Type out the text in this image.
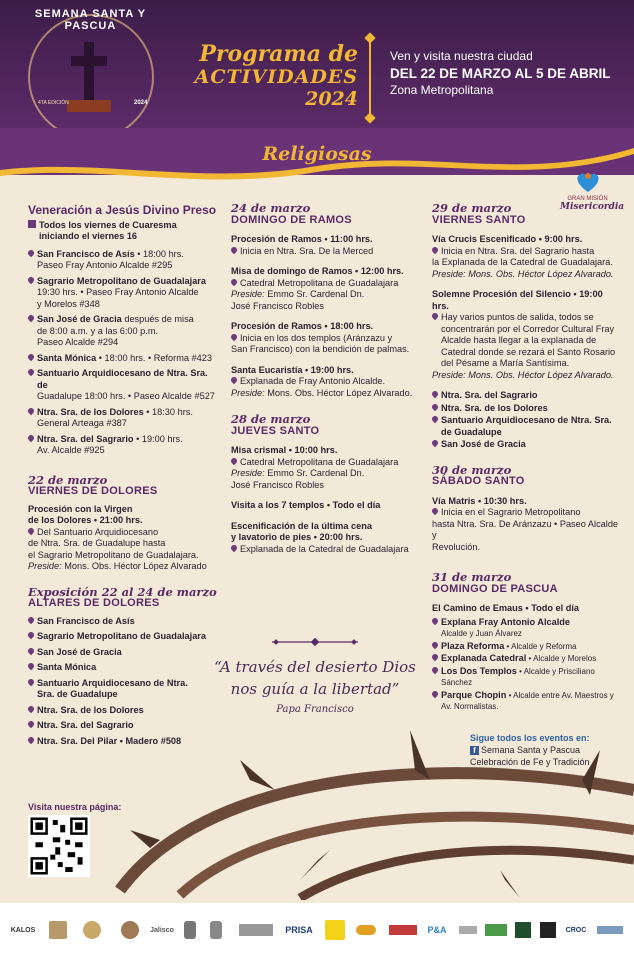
SEMANA SANTA Y PASCUA
4TA EDICIÓN	2024
Programa de
ACTIVIDADES
2024
Ven y visita nuestra ciudad
DEL 22 DE MARZO AL 5 DE ABRIL
Zona Metropolitana
Religiosas
Veneración a Jesús Divino Preso
Todos los viernes de Cuaresma
iniciando el viernes 16
San Francisco de Asís • 18:00 hrs.
Paseo Fray Antonio Alcalde #295
Sagrario Metropolitano de Guadalajara
19:30 hrs. • Paseo Fray Antonio Alcalde
y Morelos #348
San José de Gracia después de misa
de 8:00 a.m. y a las 6:00 p.m.
Paseo Alcalde #294
Santa Mónica • 18:00 hrs. • Reforma #423
Santuario Arquidiocesano de Ntra. Sra. de
Guadalupe 18:00 hrs. • Paseo Alcalde #527
Ntra. Sra. de los Dolores • 18:30 hrs.
General Arteaga #387
Ntra. Sra. del Sagrario • 19:00 hrs.
Av. Alcalde #925
22 de marzo
VIERNES DE DOLORES
Procesión con la Virgen
de los Dolores • 21:00 hrs.
Del Santuario Arquidiocesano
de Ntra. Sra. de Guadalupe hasta
el Sagrario Metropolitano de Guadalajara.
Preside: Mons. Obs. Héctor López Alvarado
Exposición 22 al 24 de marzo
ALTARES DE DOLORES
San Francisco de Asís
Sagrario Metropolitano de Guadalajara
San José de Gracia
Santa Mónica
Santuario Arquidiocesano de Ntra.
Sra. de Guadalupe
Ntra. Sra. de los Dolores
Ntra. Sra. del Sagrario
Ntra. Sra. Del Pilar • Madero #508
24 de marzo
DOMINGO DE RAMOS
Procesión de Ramos • 11:00 hrs.
Inicia en Ntra. Sra. De la Merced
Misa de domingo de Ramos • 12:00 hrs.
Catedral Metropolitana de Guadalajara
Preside: Emmo Sr. Cardenal Dn.
José Francisco Robles
Procesión de Ramos • 18:00 hrs.
Inicia en los dos templos (Aránzazu y
San Francisco) con la bendición de palmas.
Santa Eucaristía • 19:00 hrs.
Explanada de Fray Antonio Alcalde.
Preside: Mons. Obs. Héctor López Alvarado.
28 de marzo
JUEVES SANTO
Misa crismal • 10:00 hrs.
Catedral Metropolitana de Guadalajara
Preside: Emmo Sr. Cardenal Dn.
José Francisco Robles
Visita a los 7 templos • Todo el día
Escenificación de la última cena
y lavatorio de pies • 20:00 hrs.
Explanada de la Catedral de Guadalajara
“A través del desierto Dios nos guía a la libertad”
Papa Francisco
GRAN MISIÓN
Misericordia
29 de marzo
VIERNES SANTO
Vía Crucis Escenificado • 9:00 hrs.
Inicia en Ntra. Sra. del Sagrario hasta
la Explanada de la Catedral de Guadalajara.
Preside: Mons. Obs. Héctor López Alvarado.
Solemne Procesión del Silencio • 19:00 hrs.

Hay varios puntos de salida, todos se concentrarán por el Corredor Cultural Fray Alcalde hasta llegar a la explanada de Catedral donde se rezará el Santo Rosario del Pésame a María Santísima.
Preside: Mons. Obs. Héctor López Alvarado.
Ntra. Sra. del Sagrario
Ntra. Sra. de los Dolores
Santuario Arquidiocesano de Ntra. Sra.
de Guadalupe
San José de Gracia
30 de marzo
SÁBADO SANTO
Vía Matris • 10:30 hrs.
Inicia en el Sagrario Metropolitano
hasta Ntra. Sra. De Aránzazu • Paseo Alcalde y
Revolución.
31 de marzo
DOMINGO DE PASCUA
El Camino de Emaus • Todo el día
Explana Fray Antonio Alcalde
Alcalde y Juan Álvarez
Plaza Reforma • Alcalde y Reforma
Explanada Catedral • Alcalde y Morelos
Los Dos Templos • Alcalde y Prisciliano Sánchez
Parque Chopin • Alcalde entre Av. Maestros y
Av. Normalistas.
Sigue todos los eventos en:
f Semana Santa y Pascua
Celebración de Fe y Tradición
Visita nuestra página:
KALOS	Jalisco	PRISA	P&A	CROC
